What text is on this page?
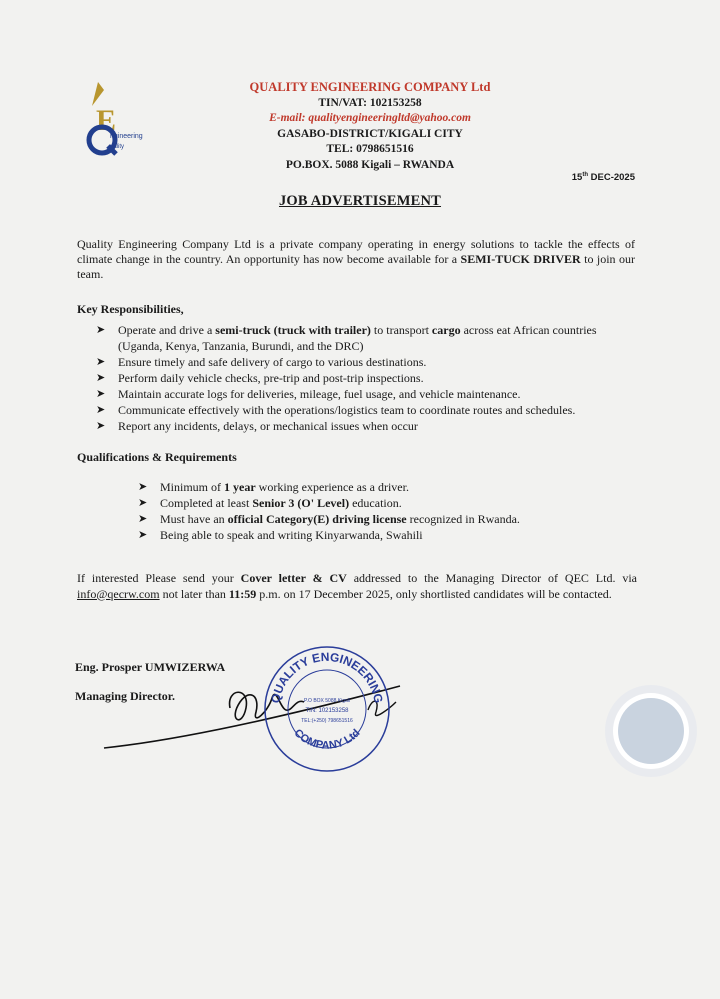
E
ngineering
uality
QUALITY ENGINEERING COMPANY Ltd
TIN/VAT: 102153258
E-mail: qualityengineeringltd@yahoo.com
GASABO-DISTRICT/KIGALI CITY
TEL: 0798651516
PO.BOX. 5088 Kigali – RWANDA
15th DEC-2025
JOB ADVERTISEMENT
Quality Engineering Company Ltd is a private company operating in energy solutions to tackle the effects of climate change in the country. An opportunity has now become available for a SEMI-TUCK DRIVER to join our team.
Key Responsibilities,
➤ Operate and drive a semi-truck (truck with trailer) to transport cargo across eat African countries (Uganda, Kenya, Tanzania, Burundi, and the DRC)
➤ Ensure timely and safe delivery of cargo to various destinations.
➤ Perform daily vehicle checks, pre-trip and post-trip inspections.
➤ Maintain accurate logs for deliveries, mileage, fuel usage, and vehicle maintenance.
➤ Communicate effectively with the operations/logistics team to coordinate routes and schedules.
➤ Report any incidents, delays, or mechanical issues when occur
Qualifications & Requirements
➤ Minimum of 1 year working experience as a driver.
➤ Completed at least Senior 3 (O' Level) education.
➤ Must have an official Category(E) driving license recognized in Rwanda.
➤ Being able to speak and writing Kinyarwanda, Swahili
If interested Please send your Cover letter & CV addressed to the Managing Director of QEC Ltd. via info@qecrw.com not later than 11:59 p.m. on 17 December 2025, only shortlisted candidates will be contacted.
Eng. Prosper UMWIZERWA
Managing Director.	QUALITY ENGINEERING
COMPANY Ltd
P.O BOX 5088 Kigali
TIN: 102153258
TEL:(+250) 798651516
